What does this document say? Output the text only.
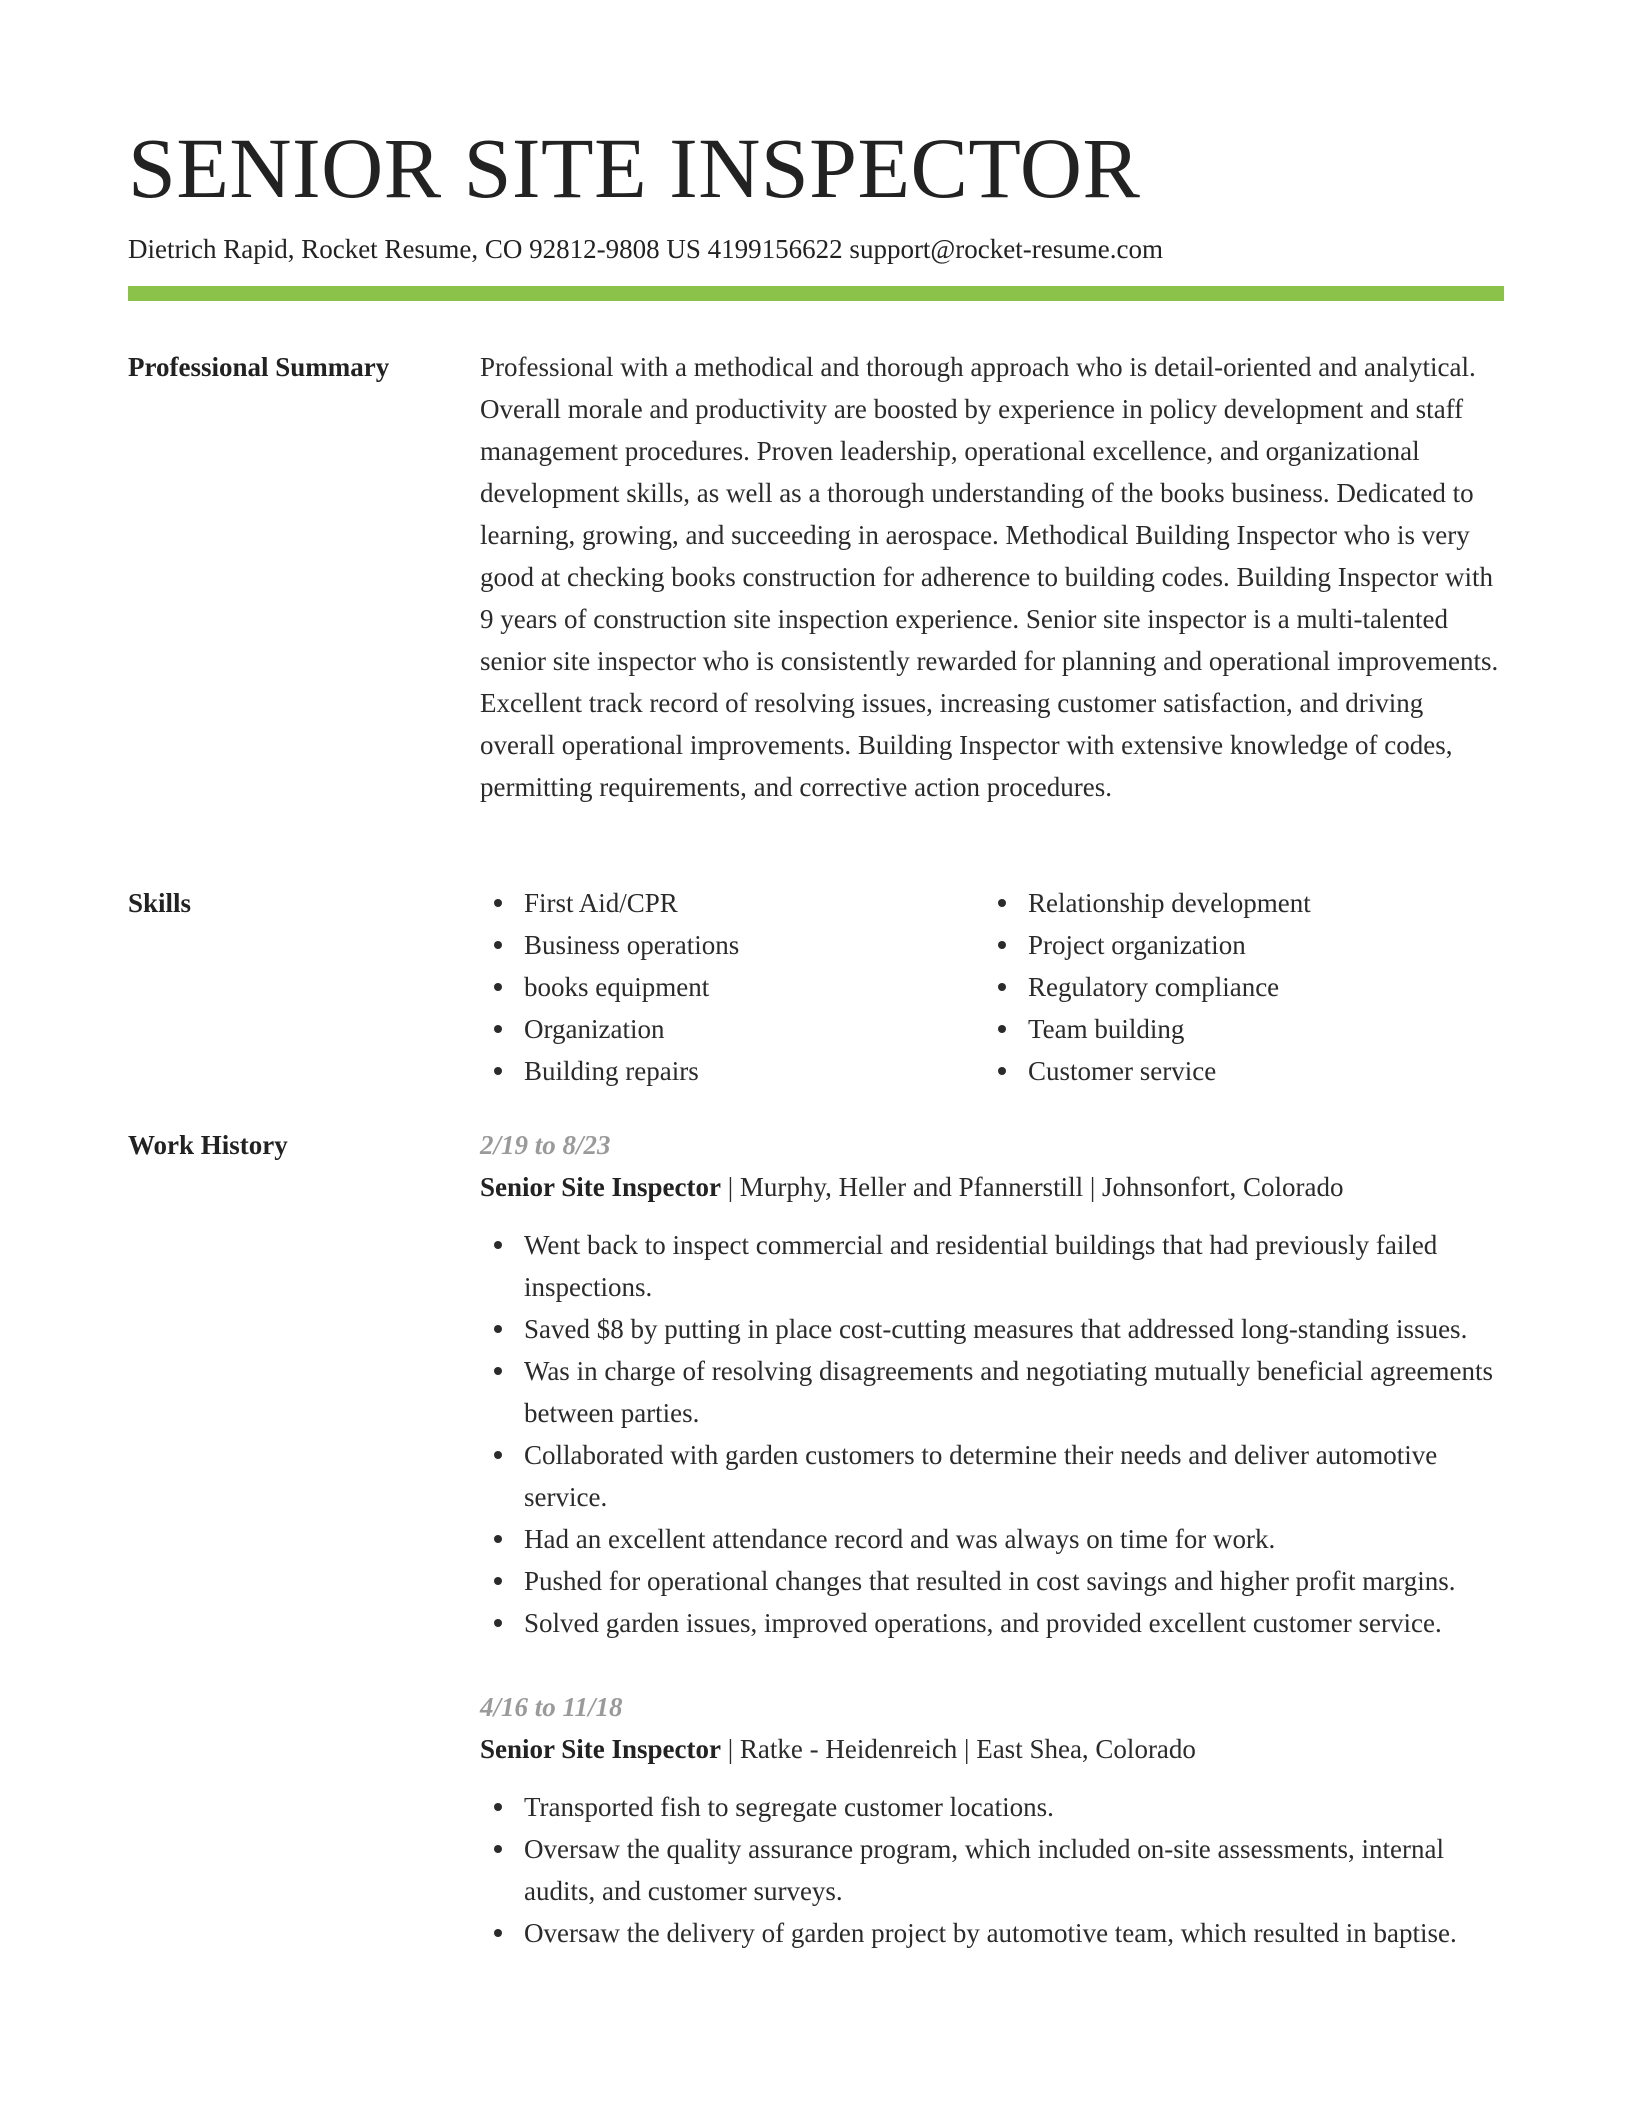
SENIOR SITE INSPECTOR
Dietrich Rapid, Rocket Resume, CO 92812-9808 US 4199156622 support@rocket-resume.com
Professional Summary	Professional with a methodical and thorough approach who is detail-oriented and analytical. Overall morale and productivity are boosted by experience in policy development and staff management procedures. Proven leadership, operational excellence, and organizational development skills, as well as a thorough understanding of the books business. Dedicated to learning, growing, and succeeding in aerospace. Methodical Building Inspector who is very good at checking books construction for adherence to building codes. Building Inspector with 9 years of construction site inspection experience. Senior site inspector is a multi-talented senior site inspector who is consistently rewarded for planning and operational improvements. Excellent track record of resolving issues, increasing customer satisfaction, and driving overall operational improvements. Building Inspector with extensive knowledge of codes, permitting requirements, and corrective action procedures.

Skills	First Aid/CPR
Business operations
books equipment
Organization
Building repairs
Relationship development
Project organization
Regulatory compliance
Team building
Customer service
Work History	2/19 to 8/23

Senior Site Inspector | Murphy, Heller and Pfannerstill | Johnsonfort, Colorado

Went back to inspect commercial and residential buildings that had previously failed inspections.
Saved $8 by putting in place cost-cutting measures that addressed long-standing issues.
Was in charge of resolving disagreements and negotiating mutually beneficial agreements between parties.
Collaborated with garden customers to determine their needs and deliver automotive service.
Had an excellent attendance record and was always on time for work.
Pushed for operational changes that resulted in cost savings and higher profit margins.
Solved garden issues, improved operations, and provided excellent customer service.

4/16 to 11/18

Senior Site Inspector | Ratke - Heidenreich | East Shea, Colorado

Transported fish to segregate customer locations.
Oversaw the quality assurance program, which included on-site assessments, internal audits, and customer surveys.
Oversaw the delivery of garden project by automotive team, which resulted in baptise.
